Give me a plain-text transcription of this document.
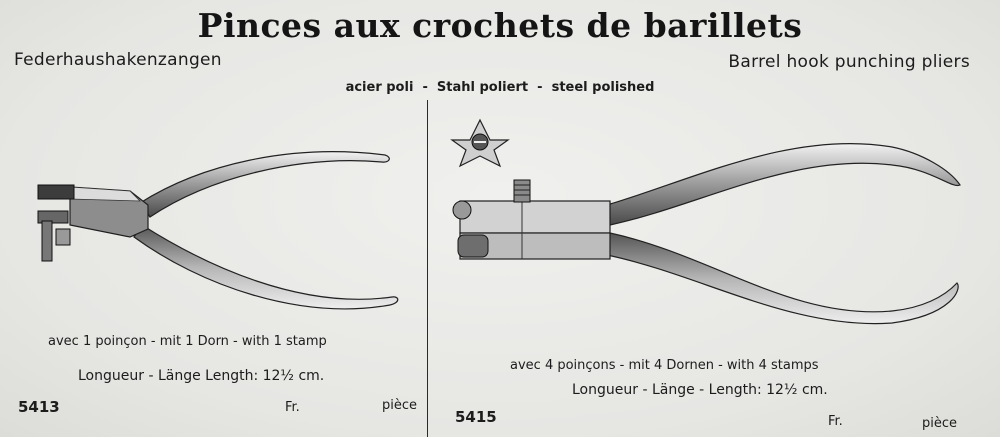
Pinces aux crochets de barillets
Federhaushakenzangen	Barrel hook punching pliers
acier poli  -  Stahl poliert  -  steel polished
avec 1 poinçon - mit 1 Dorn - with 1 stamp
Longueur - Länge Length: 12½ cm.
5413	Fr.	pièce
avec 4 poinçons - mit 4 Dornen - with 4 stamps
Longueur - Länge - Length: 12½ cm.
5415	Fr.	pièce
